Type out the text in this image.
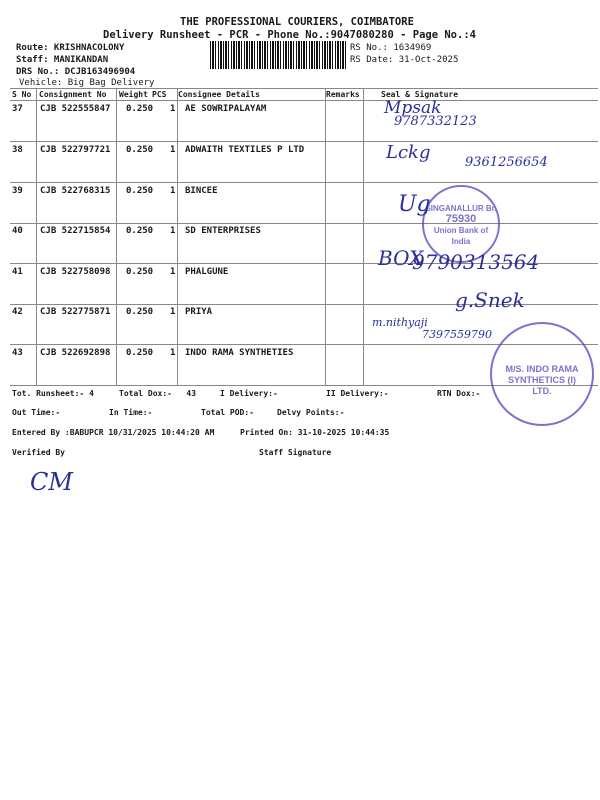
THE PROFESSIONAL COURIERS, COIMBATORE
Delivery Runsheet - PCR - Phone No.:9047080280 - Page No.:4
Route: KRISHNACOLONY
Staff: MANIKANDAN
DRS No.: DCJB163496904
Vehicle: Big Bag Delivery
RS No.: 1634969
RS Date: 31-Oct-2025
S No Consignment No Weight PCS Consignee Details	Remarks	Seal & Signature
37 CJB 522555847 0.250 1 AE SOWRIPALAYAM
38 CJB 522797721 0.250 1 ADWAITH TEXTILES P LTD
39 CJB 522768315 0.250 1 BINCEE
40 CJB 522715854 0.250 1 SD ENTERPRISES
41 CJB 522758098 0.250 1 PHALGUNE
42 CJB 522775871 0.250 1 PRIYA
43 CJB 522692898 0.250 1 INDO RAMA SYNTHETIES
Mpsak
9787332123
Lckg	9361256654
SINGANALLUR Br.
75930
Union Bank of India
Ug
BOX
9790313564
g.Snek
m.nithyaji
7397559790
M/S. INDO RAMA SYNTHETICS (I) LTD.
Tot. Runsheet:- 4	Total Dox:-   43	I Delivery:-	II Delivery:-	RTN Dox:-
Out Time:-	In Time:-	Total POD:-	Delvy Points:-
Entered By :BABUPCR 10/31/2025 10:44:20 AM	Printed On: 31-10-2025 10:44:35
Verified By	Staff Signature
CM
